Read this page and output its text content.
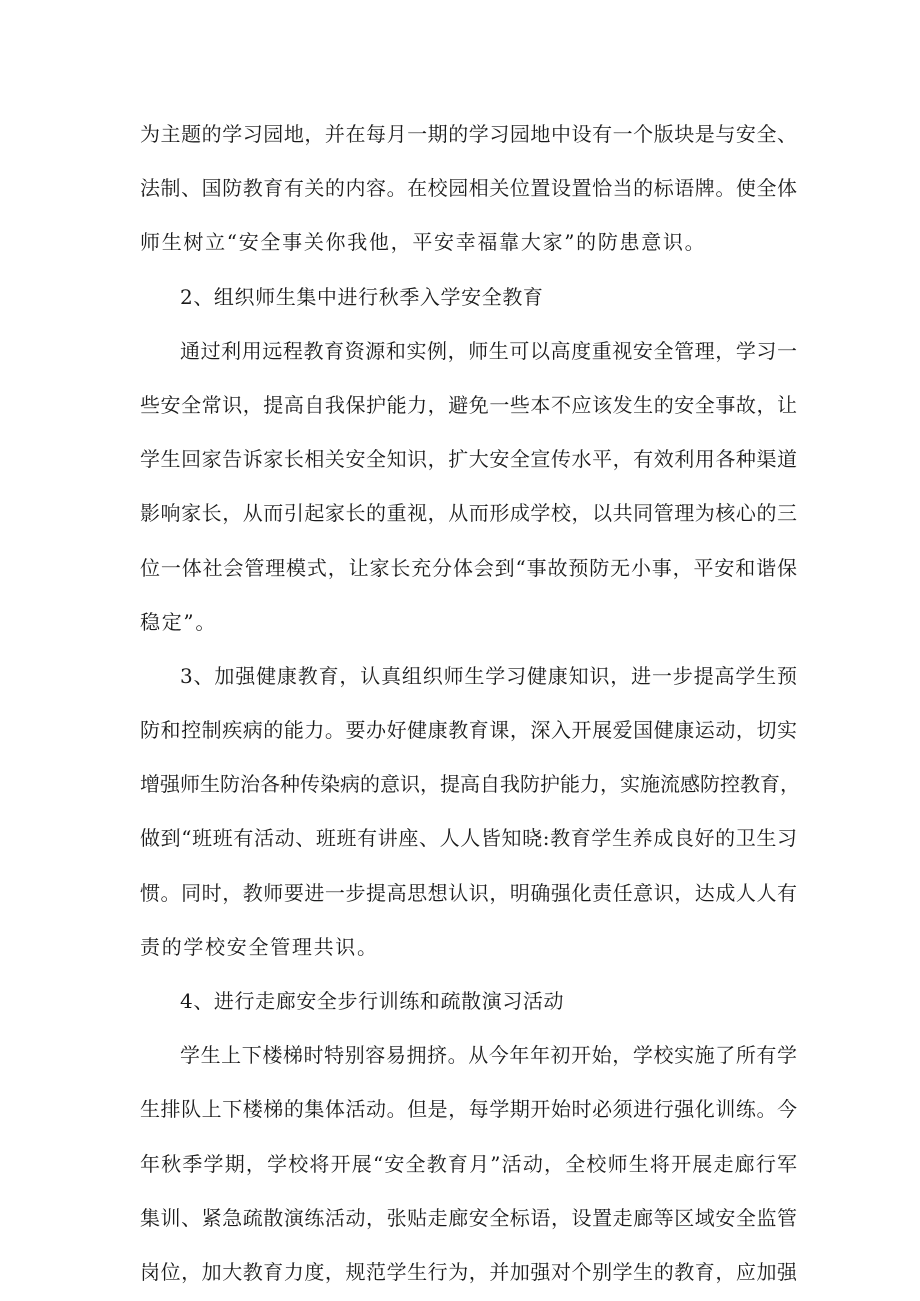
为主题的学习园地，并在每月一期的学习园地中设有一个版块是与安全、
法制、国防教育有关的内容。在校园相关位置设置恰当的标语牌。使全体
师生树立“安全事关你我他，平安幸福靠大家”的防患意识。
2、组织师生集中进行秋季入学安全教育
通过利用远程教育资源和实例，师生可以高度重视安全管理，学习一
些安全常识，提高自我保护能力，避免一些本不应该发生的安全事故，让
学生回家告诉家长相关安全知识，扩大安全宣传水平，有效利用各种渠道
影响家长，从而引起家长的重视，从而形成学校，以共同管理为核心的三
位一体社会管理模式，让家长充分体会到“事故预防无小事，平安和谐保
稳定”。
3、加强健康教育，认真组织师生学习健康知识，进一步提高学生预
防和控制疾病的能力。要办好健康教育课，深入开展爱国健康运动，切实
增强师生防治各种传染病的意识，提高自我防护能力，实施流感防控教育，
做到“班班有活动、班班有讲座、人人皆知晓:教育学生养成良好的卫生习
惯。同时，教师要进一步提高思想认识，明确强化责任意识，达成人人有
责的学校安全管理共识。
4、进行走廊安全步行训练和疏散演习活动
学生上下楼梯时特别容易拥挤。从今年年初开始，学校实施了所有学
生排队上下楼梯的集体活动。但是，每学期开始时必须进行强化训练。今
年秋季学期，学校将开展“安全教育月”活动，全校师生将开展走廊行军
集训、紧急疏散演练活动，张贴走廊安全标语，设置走廊等区域安全监管
岗位，加大教育力度，规范学生行为，并加强对个别学生的教育，应加强
